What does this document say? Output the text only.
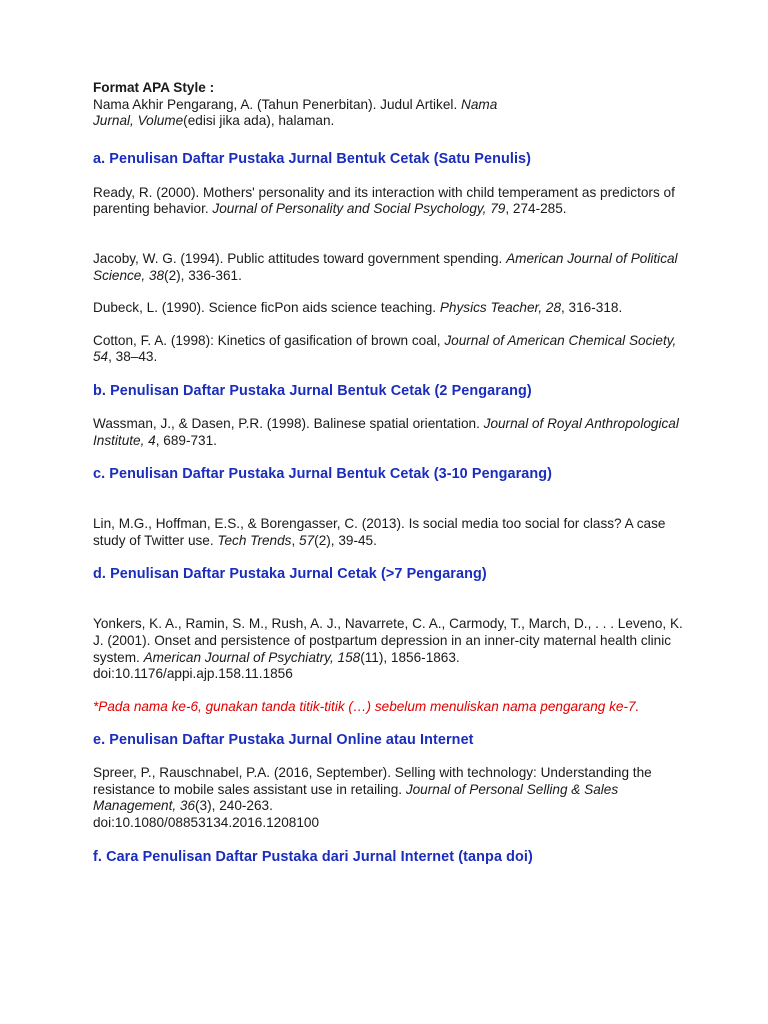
Format APA Style :

Nama Akhir Pengarang, A. (Tahun Penerbitan). Judul Artikel. Nama
Jurnal, Volume(edisi jika ada), halaman.

a. Penulisan Daftar Pustaka Jurnal Bentuk Cetak (Satu Penulis)

Ready, R. (2000). Mothers' personality and its interaction with child temperament as predictors of parenting behavior. Journal of Personality and Social Psychology, 79, 274-285.

Jacoby, W. G. (1994). Public attitudes toward government spending. American Journal of Political Science, 38(2), 336-361.

Dubeck, L. (1990). Science ficPon aids science teaching. Physics Teacher, 28, 316-318.

Cotton, F. A. (1998): Kinetics of gasification of brown coal, Journal of American Chemical Society, 54, 38–43.

b. Penulisan Daftar Pustaka Jurnal Bentuk Cetak (2 Pengarang)

Wassman, J., & Dasen, P.R. (1998). Balinese spatial orientation. Journal of Royal Anthropological
Institute, 4, 689-731.

c. Penulisan Daftar Pustaka Jurnal Bentuk Cetak (3-10 Pengarang)

Lin, M.G., Hoffman, E.S., & Borengasser, C. (2013). Is social media too social for class? A case study of Twitter use. Tech Trends, 57(2), 39-45.

d. Penulisan Daftar Pustaka Jurnal Cetak (>7 Pengarang)

Yonkers, K. A., Ramin, S. M., Rush, A. J., Navarrete, C. A., Carmody, T., March, D., . . . Leveno, K. J. (2001). Onset and persistence of postpartum depression in an inner-city maternal health clinic system. American Journal of Psychiatry, 158(11), 1856-1863.
doi:10.1176/appi.ajp.158.11.1856

*Pada nama ke-6, gunakan tanda titik-titik (…) sebelum menuliskan nama pengarang ke-7.

e. Penulisan Daftar Pustaka Jurnal Online atau Internet

Spreer, P., Rauschnabel, P.A. (2016, September). Selling with technology: Understanding the resistance to mobile sales assistant use in retailing. Journal of Personal Selling & Sales Management, 36(3), 240-263.
doi:10.1080/08853134.2016.1208100

f. Cara Penulisan Daftar Pustaka dari Jurnal Internet (tanpa doi)
